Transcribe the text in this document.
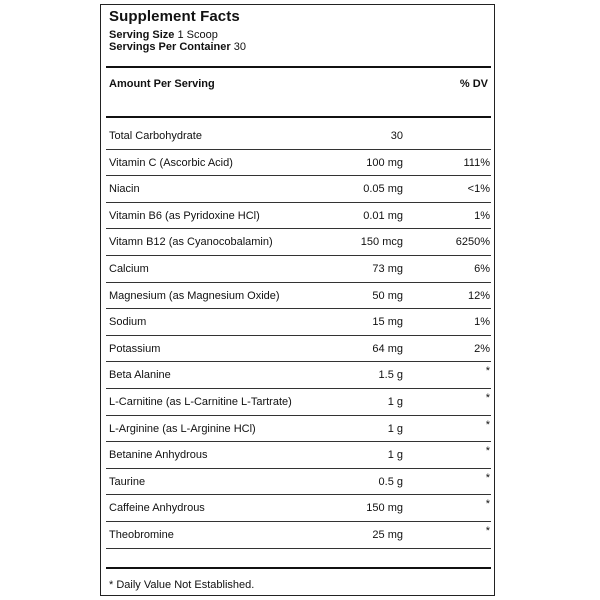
Supplement Facts
Serving Size 1 Scoop
Servings Per Container 30
Amount Per Serving	% DV
Total Carbohydrate	30
Vitamin C (Ascorbic Acid)	100 mg	111%
Niacin	0.05 mg	<1%
Vitamin B6 (as Pyridoxine HCl)	0.01 mg	1%
Vitamn B12 (as Cyanocobalamin)	150 mcg	6250%
Calcium	73 mg	6%
Magnesium (as Magnesium Oxide)	50 mg	12%
Sodium	15 mg	1%
Potassium	64 mg	2%
Beta Alanine	1.5 g	*
L-Carnitine (as L-Carnitine L-Tartrate)	1 g	*
L-Arginine (as L-Arginine HCl)	1 g	*
Betanine Anhydrous	1 g	*
Taurine	0.5 g	*
Caffeine Anhydrous	150 mg	*
Theobromine	25 mg	*
* Daily Value Not Established.
